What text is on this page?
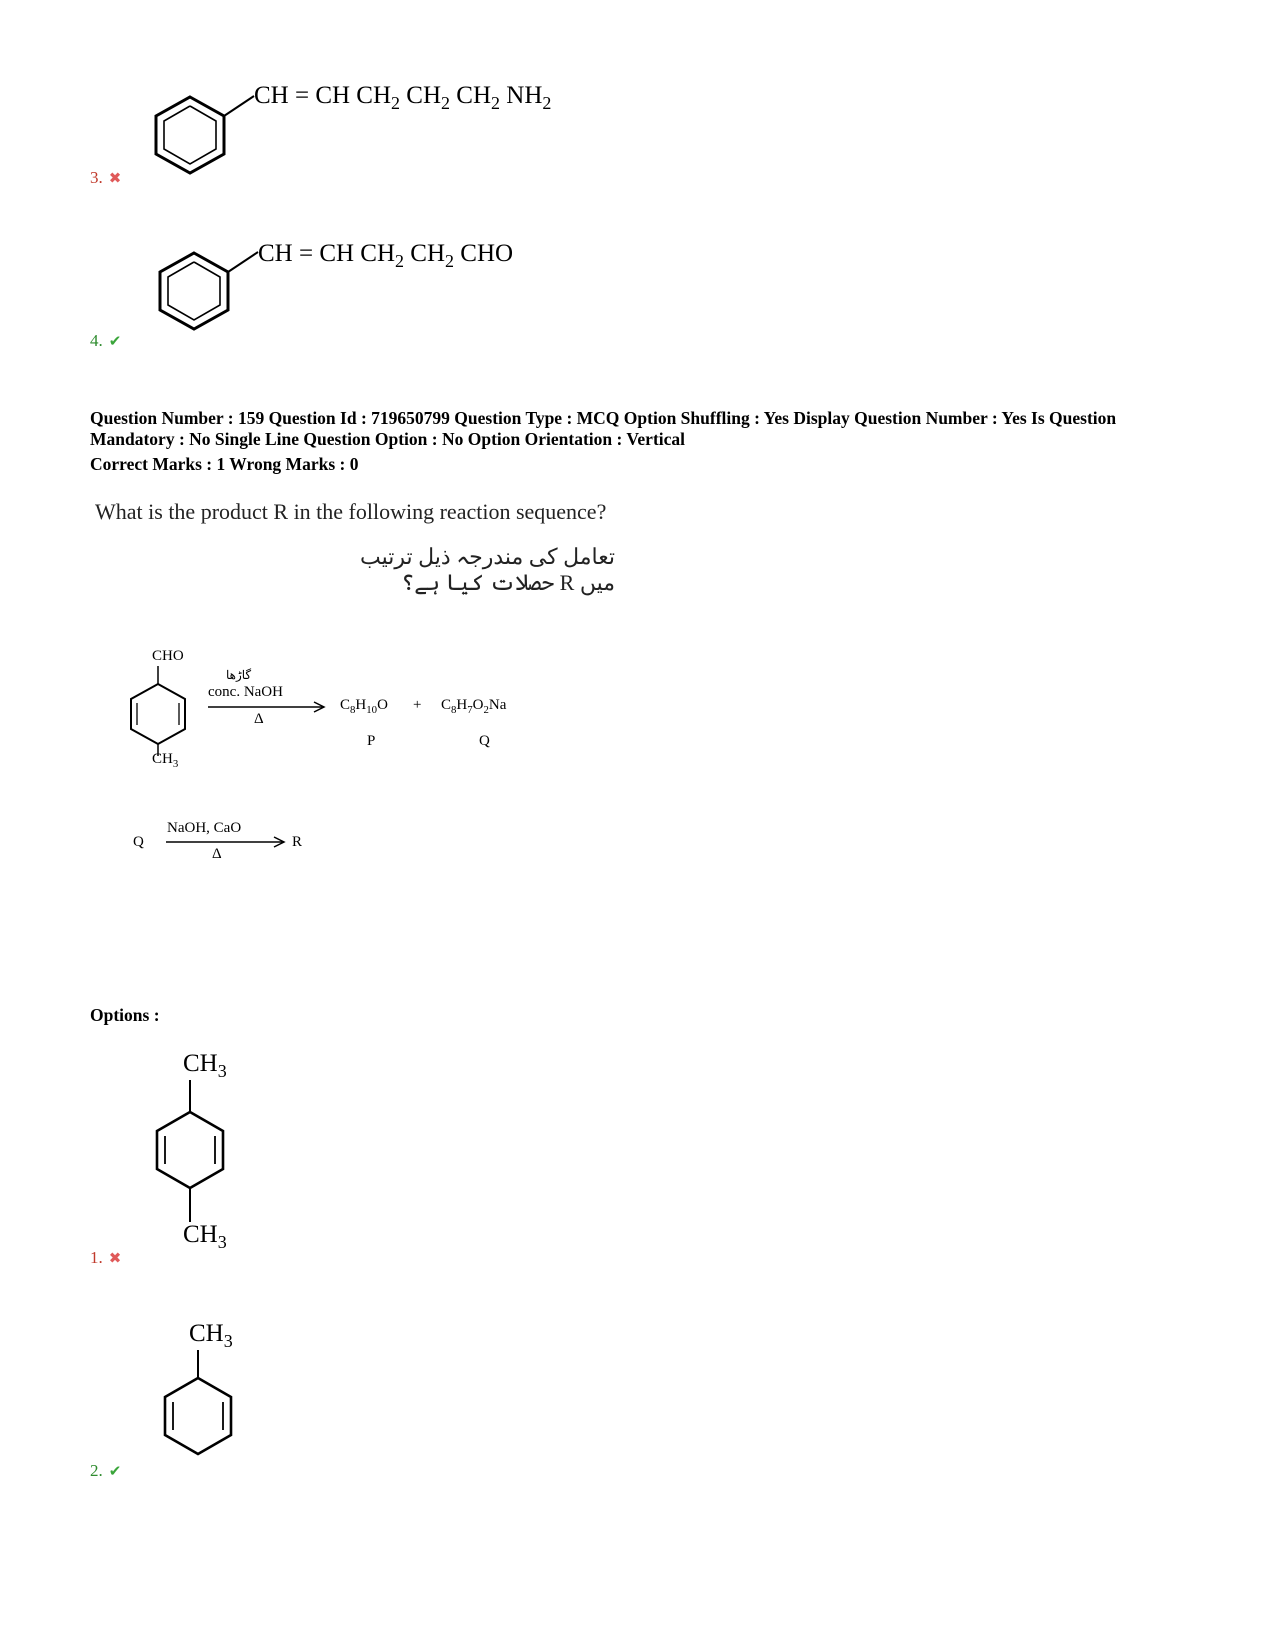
CH = CH $CH_2$ $CH_2$ $CH_2$ $NH_2$
3. ✖
CH = CH $CH_2$ $CH_2$ CHO
4. ✔
Question Number : 159 Question Id : 719650799 Question Type : MCQ Option Shuffling : Yes Display Question Number : Yes Is Question Mandatory : No Single Line Question Option : No Option Orientation : Vertical
Correct Marks : 1 Wrong Marks : 0
What is the product R in the following reaction sequence?
تعامل کی مندرجہ ذیل ترتیب میں R حصلات کیا ہے؟
CHO
$CH_3$
گاڑھا
conc. NaOH
Δ
$C_8H_{10}O + C_8H_7O_2Na$
P	Q
Q
NaOH, CaO
Δ
R
Options :
$CH_3$
$CH_3$
1. ✖
$CH_3$
2. ✔
